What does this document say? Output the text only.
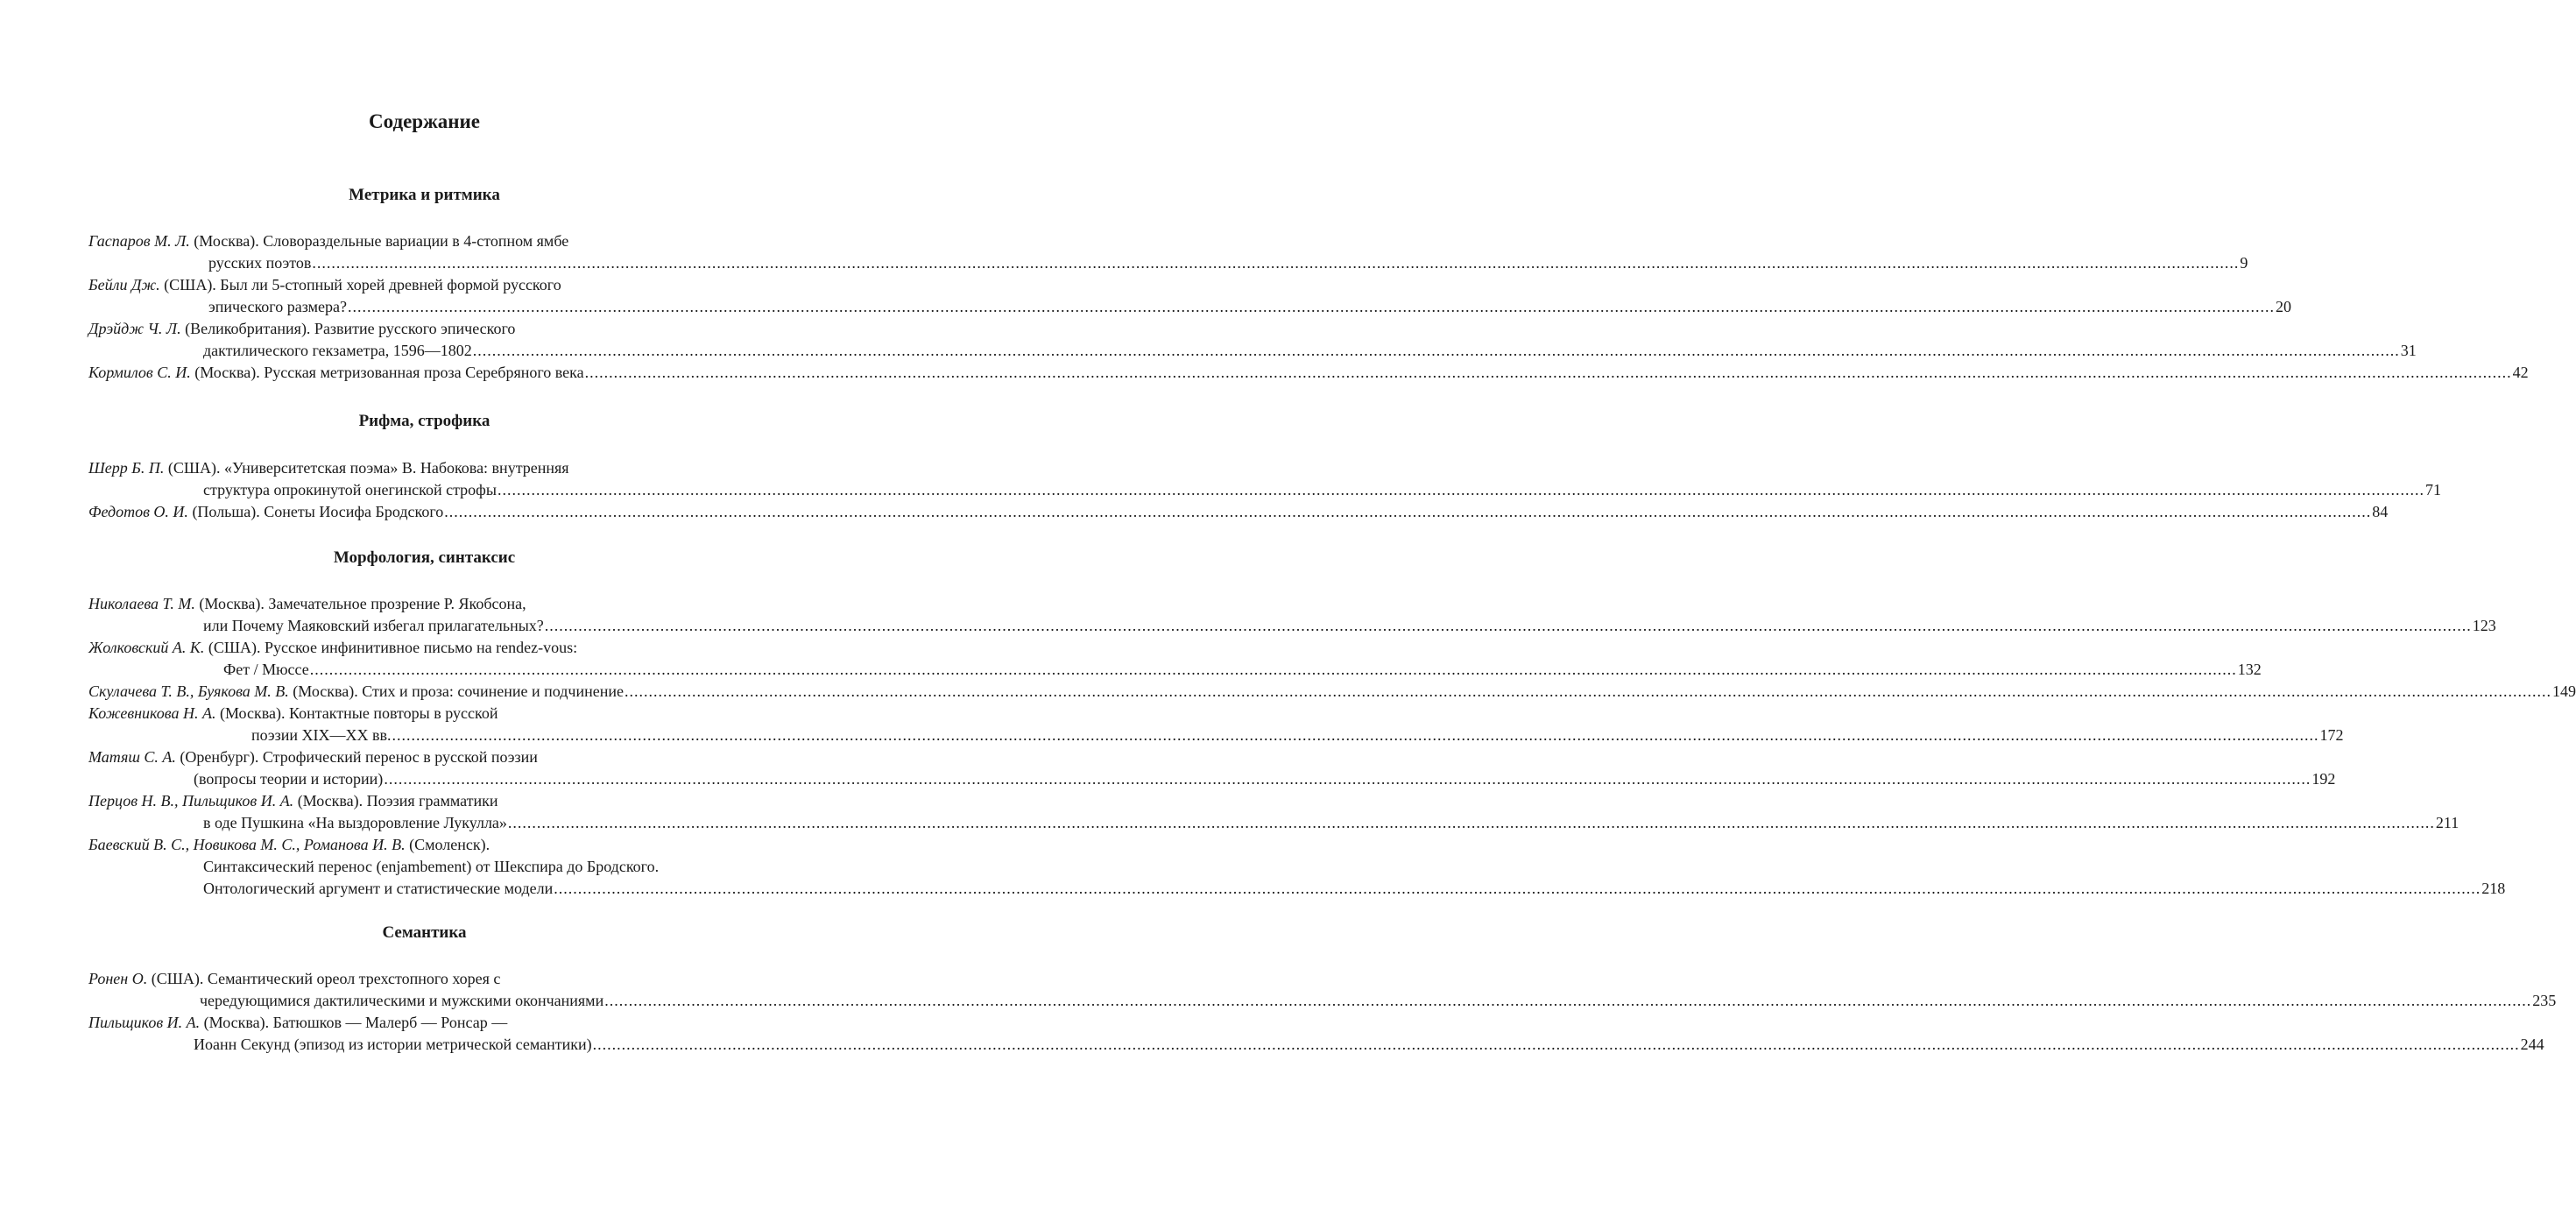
Содержание
Метрика и ритмика
Гаспаров М. Л. (Москва). Словораздельные вариации в 4-стопном ямбе
русских поэтов ................................................................................................................................................................................................................................................................................................................................................................................................................ 9
Бейли Дж. (США). Был ли 5-стопный хорей древней формой русского
эпического размера? ................................................................................................................................................................................................................................................................................................................................................................................................................ 20
Дрэйдж Ч. Л. (Великобритания). Развитие русского эпического
дактилического гекзаметра, 1596—1802 ................................................................................................................................................................................................................................................................................................................................................................................................................ 31
Кормилов С. И. (Москва). Русская метризованная проза Серебряного века ................................................................................................................................................................................................................................................................................................................................................................................................................ 42
Рифма, строфика
Шерр Б. П. (США). «Университетская поэма» В. Набокова: внутренняя
структура опрокинутой онегинской строфы ................................................................................................................................................................................................................................................................................................................................................................................................................ 71
Федотов О. И. (Польша). Сонеты Иосифа Бродского ................................................................................................................................................................................................................................................................................................................................................................................................................ 84
Морфология, синтаксис
Николаева Т. М. (Москва). Замечательное прозрение Р. Якобсона,
или Почему Маяковский избегал прилагательных? ................................................................................................................................................................................................................................................................................................................................................................................................................ 123
Жолковский А. К. (США). Русское инфинитивное письмо на rendez-vous:
Фет / Мюссе ................................................................................................................................................................................................................................................................................................................................................................................................................ 132
Скулачева Т. В., Буякова М. В. (Москва). Стих и проза: сочинение и подчинение ................................................................................................................................................................................................................................................................................................................................................................................................................ 149
Кожевникова Н. А. (Москва). Контактные повторы в русской
поэзии XIX—XX вв. ................................................................................................................................................................................................................................................................................................................................................................................................................ 172
Матяш С. А. (Оренбург). Строфический перенос в русской поэзии
(вопросы теории и истории) ................................................................................................................................................................................................................................................................................................................................................................................................................ 192
Перцов Н. В., Пильщиков И. А. (Москва). Поэзия грамматики
в оде Пушкина «На выздоровление Лукулла» ................................................................................................................................................................................................................................................................................................................................................................................................................ 211
Баевский В. С., Новикова М. С., Романова И. В. (Смоленск).
Синтаксический перенос (enjambement) от Шекспира до Бродского.
Онтологический аргумент и статистические модели ................................................................................................................................................................................................................................................................................................................................................................................................................ 218
Семантика
Ронен О. (США). Семантический ореол трехстопного хорея с
чередующимися дактилическими и мужскими окончаниями ................................................................................................................................................................................................................................................................................................................................................................................................................ 235
Пильщиков И. А. (Москва). Батюшков — Малерб — Ронсар —
Иоанн Секунд (эпизод из истории метрической семантики) ................................................................................................................................................................................................................................................................................................................................................................................................................ 244
